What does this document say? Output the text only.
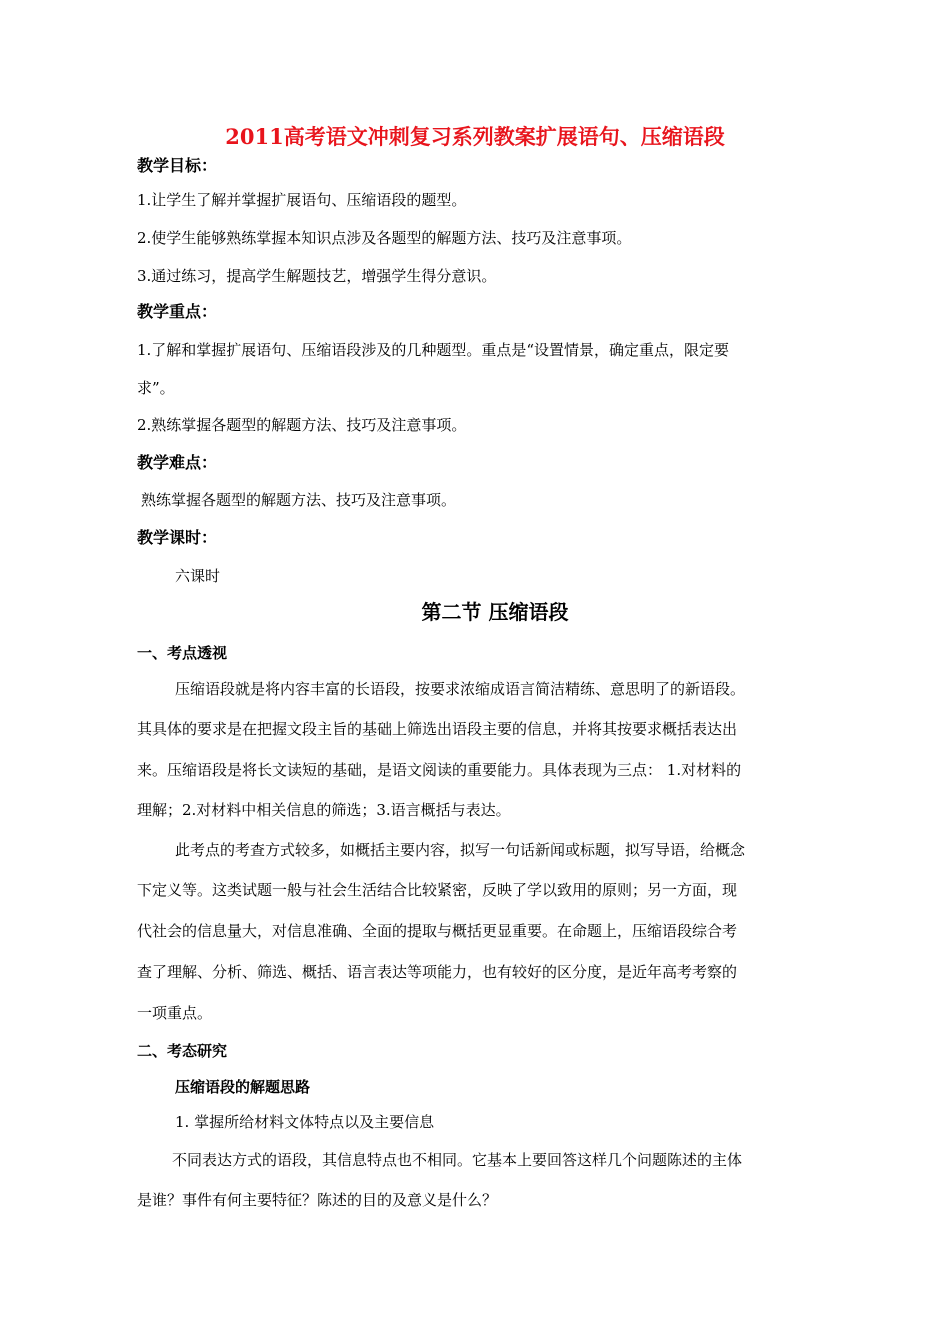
2011高考语文冲刺复习系列教案扩展语句、压缩语段
教学目标：
1.让学生了解并掌握扩展语句、压缩语段的题型。
2.使学生能够熟练掌握本知识点涉及各题型的解题方法、技巧及注意事项。
3.通过练习，提高学生解题技艺，增强学生得分意识。
教学重点：
1.了解和掌握扩展语句、压缩语段涉及的几种题型。重点是“设置情景，确定重点，限定要
求”。
2.熟练掌握各题型的解题方法、技巧及注意事项。
教学难点：
熟练掌握各题型的解题方法、技巧及注意事项。
教学课时：
六课时
第二节 压缩语段
一、考点透视
压缩语段就是将内容丰富的长语段，按要求浓缩成语言简洁精练、意思明了的新语段。
其具体的要求是在把握文段主旨的基础上筛选出语段主要的信息，并将其按要求概括表达出
来。压缩语段是将长文读短的基础，是语文阅读的重要能力。具体表现为三点： 1.对材料的
理解；2.对材料中相关信息的筛选；3.语言概括与表达。
此考点的考查方式较多，如概括主要内容，拟写一句话新闻或标题，拟写导语，给概念
下定义等。这类试题一般与社会生活结合比较紧密，反映了学以致用的原则；另一方面，现
代社会的信息量大，对信息准确、全面的提取与概括更显重要。在命题上，压缩语段综合考
查了理解、分析、筛选、概括、语言表达等项能力，也有较好的区分度，是近年高考考察的
一项重点。
二、考态研究
压缩语段的解题思路
1. 掌握所给材料文体特点以及主要信息
不同表达方式的语段，其信息特点也不相同。它基本上要回答这样几个问题陈述的主体
是谁？事件有何主要特征？陈述的目的及意义是什么？
